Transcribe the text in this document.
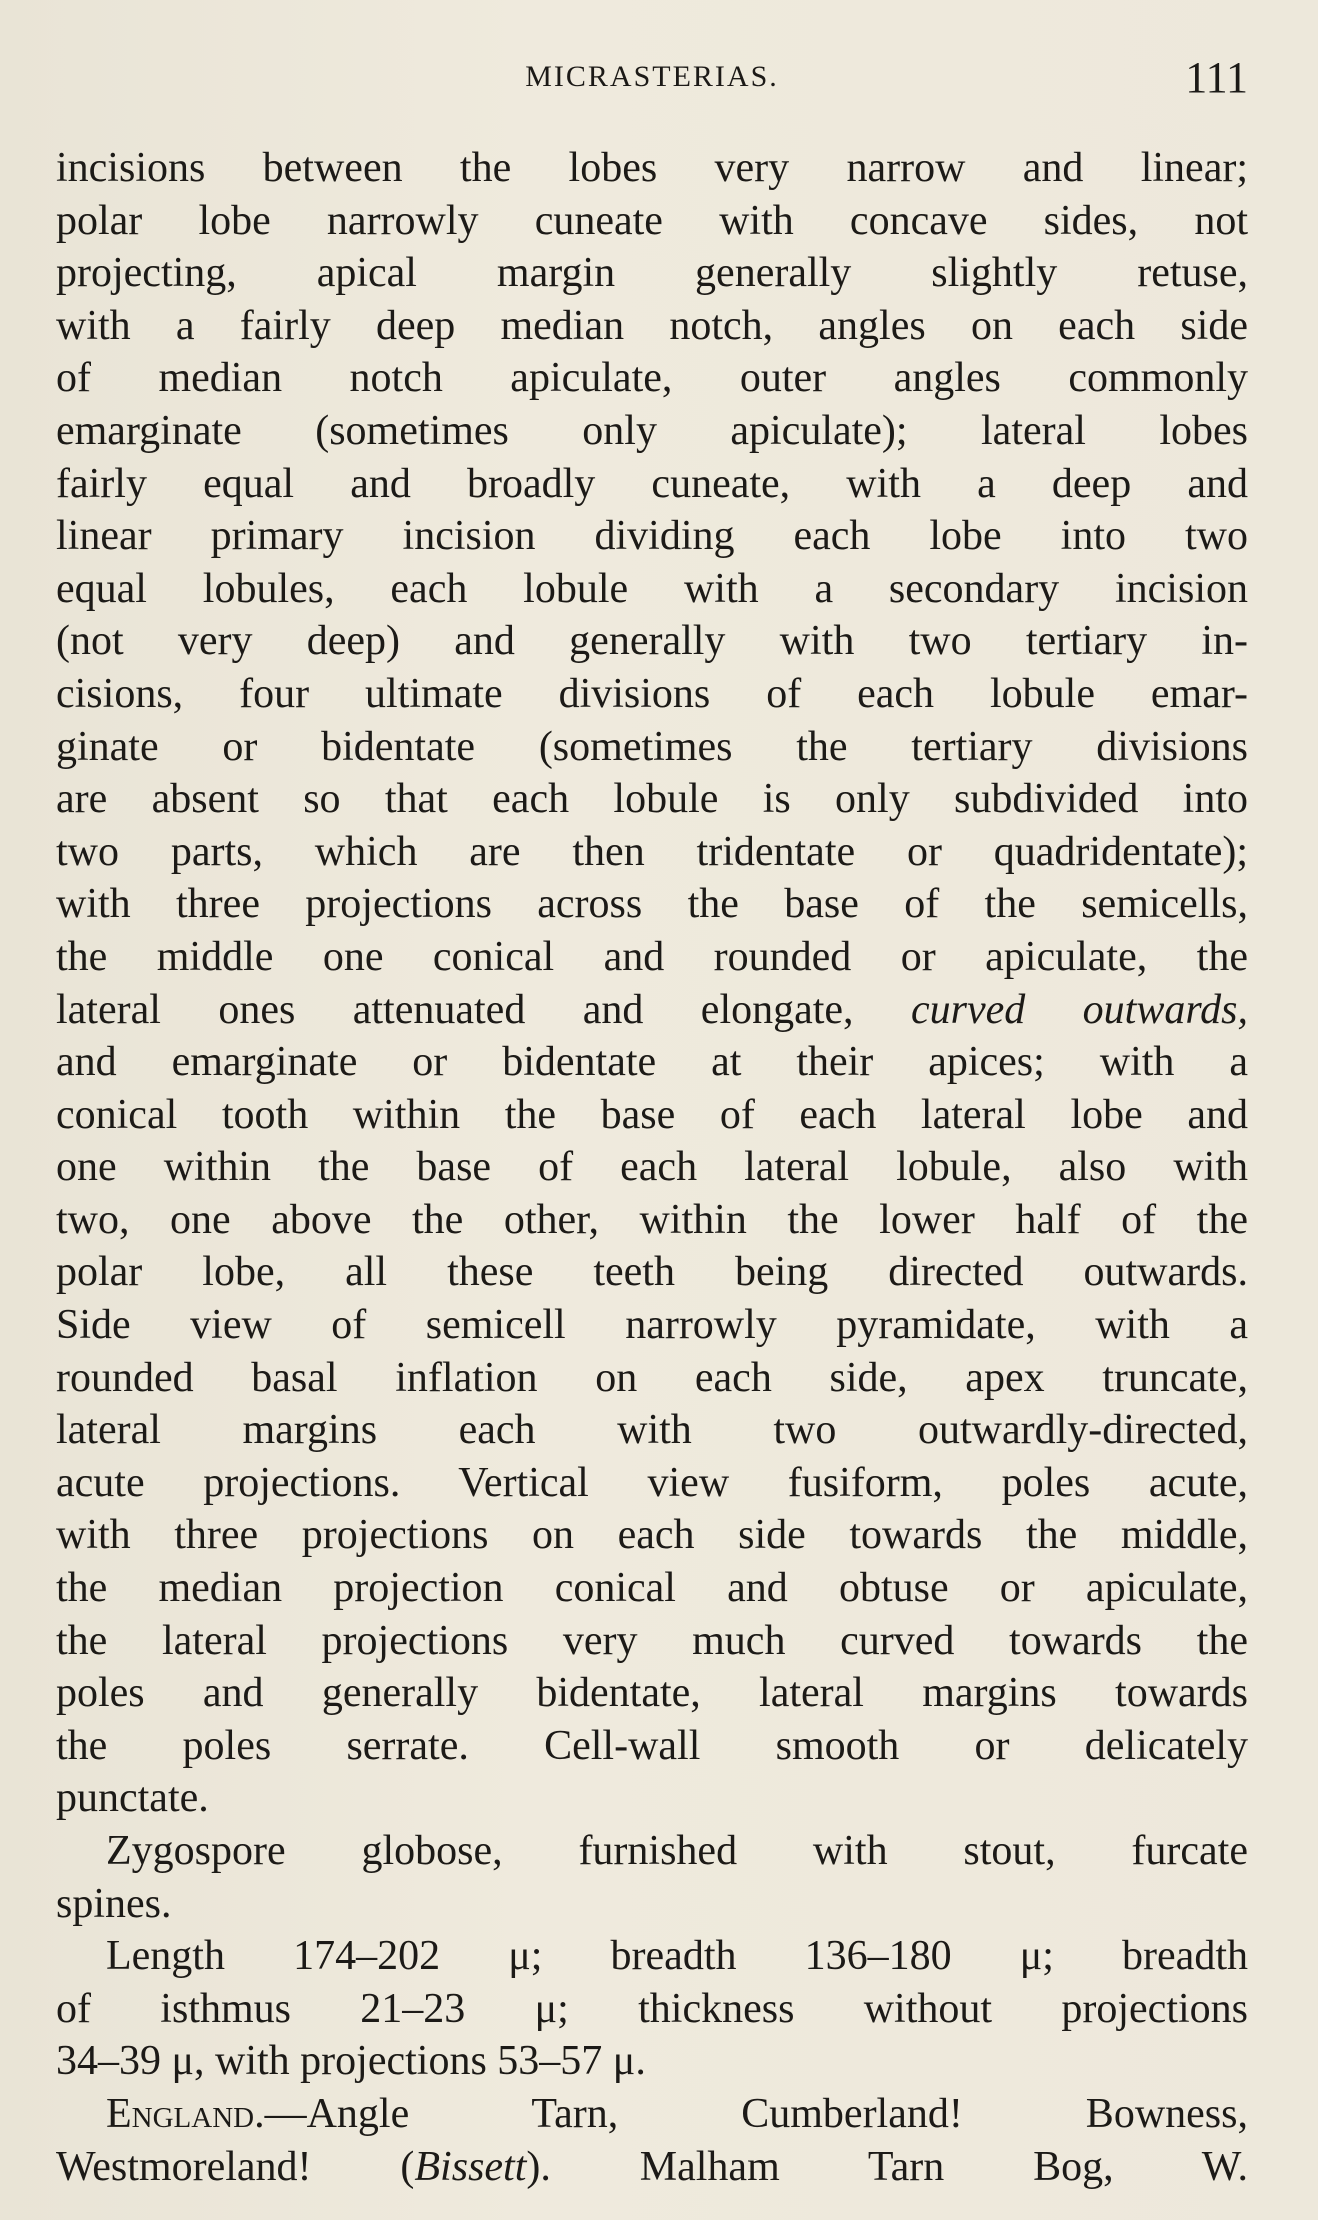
MICRASTERIAS.	111
incisions between the lobes very narrow and linear;
polar lobe narrowly cuneate with concave sides, not
projecting, apical margin generally slightly retuse,
with a fairly deep median notch, angles on each side
of median notch apiculate, outer angles commonly
emarginate (sometimes only apiculate); lateral lobes
fairly equal and broadly cuneate, with a deep and
linear primary incision dividing each lobe into two
equal lobules, each lobule with a secondary incision
(not very deep) and generally with two tertiary in-
cisions, four ultimate divisions of each lobule emar-
ginate or bidentate (sometimes the tertiary divisions
are absent so that each lobule is only subdivided into
two parts, which are then tridentate or quadridentate);
with three projections across the base of the semicells,
the middle one conical and rounded or apiculate, the
lateral ones attenuated and elongate, curved outwards,
and emarginate or bidentate at their apices; with a
conical tooth within the base of each lateral lobe and
one within the base of each lateral lobule, also with
two, one above the other, within the lower half of the
polar lobe, all these teeth being directed outwards.
Side view of semicell narrowly pyramidate, with a
rounded basal inflation on each side, apex truncate,
lateral margins each with two outwardly-directed,
acute projections. Vertical view fusiform, poles acute,
with three projections on each side towards the middle,
the median projection conical and obtuse or apiculate,
the lateral projections very much curved towards the
poles and generally bidentate, lateral margins towards
the poles serrate. Cell-wall smooth or delicately
punctate.
Zygospore globose, furnished with stout, furcate
spines.
Length 174–202 μ; breadth 136–180 μ; breadth
of isthmus 21–23 μ; thickness without projections
34–39 μ, with projections 53–57 μ.
England.—Angle Tarn, Cumberland! Bowness,
Westmoreland! (Bissett). Malham Tarn Bog, W.
